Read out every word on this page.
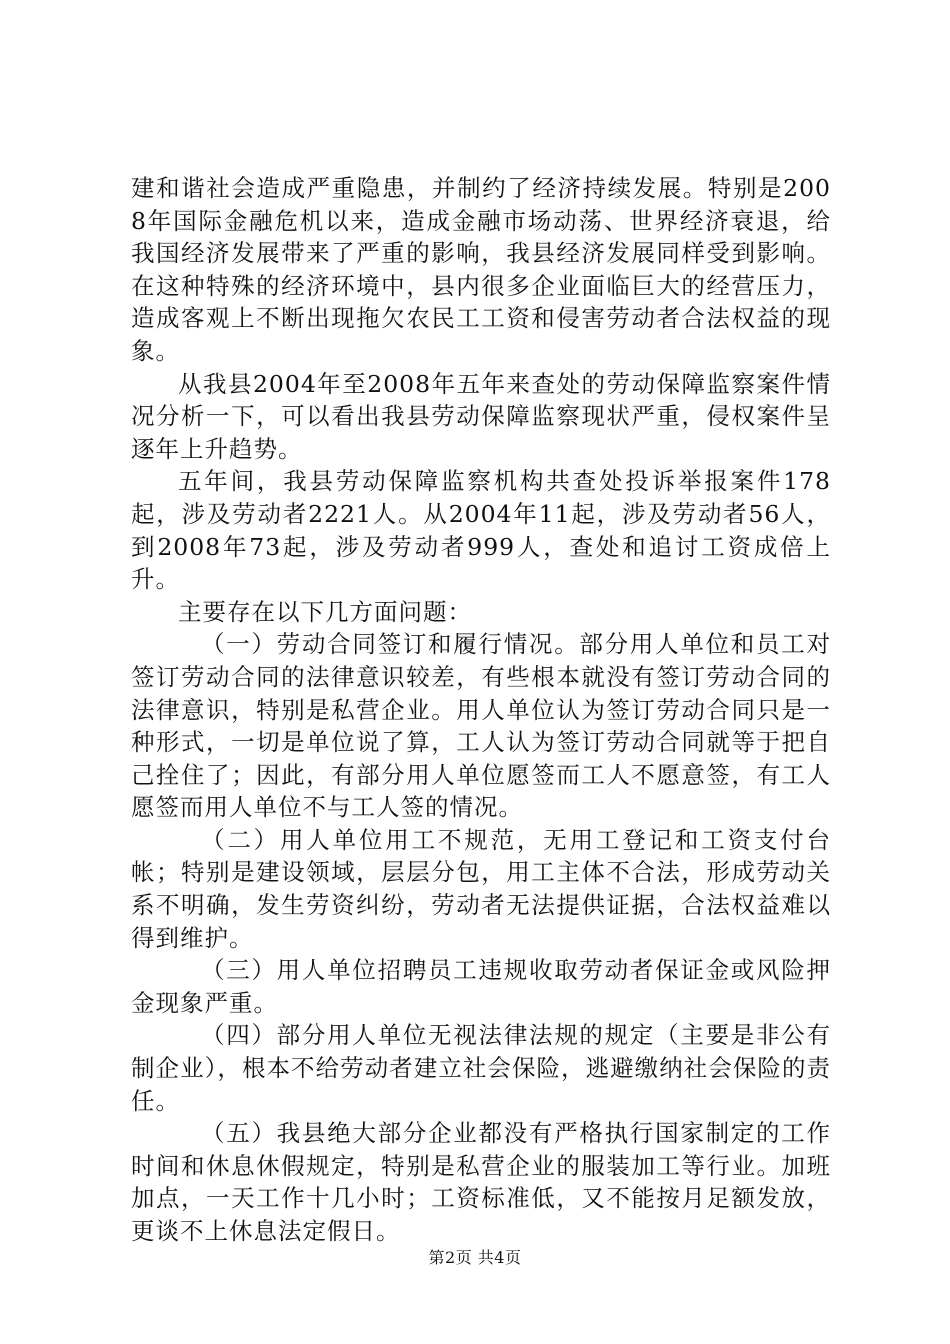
建和谐社会造成严重隐患，并制约了经济持续发展。特别是2008年国际金融危机以来，造成金融市场动荡、世界经济衰退，给我国经济发展带来了严重的影响，我县经济发展同样受到影响。在这种特殊的经济环境中，县内很多企业面临巨大的经营压力，造成客观上不断出现拖欠农民工工资和侵害劳动者合法权益的现象。

从我县2004年至2008年五年来查处的劳动保障监察案件情况分析一下，可以看出我县劳动保障监察现状严重，侵权案件呈逐年上升趋势。

五年间，我县劳动保障监察机构共查处投诉举报案件178起，涉及劳动者2221人。从2004年11起，涉及劳动者56人，到2008年73起，涉及劳动者999人，查处和追讨工资成倍上升。

主要存在以下几方面问题：

（一）劳动合同签订和履行情况。部分用人单位和员工对签订劳动合同的法律意识较差，有些根本就没有签订劳动合同的法律意识，特别是私营企业。用人单位认为签订劳动合同只是一种形式，一切是单位说了算，工人认为签订劳动合同就等于把自己拴住了；因此，有部分用人单位愿签而工人不愿意签，有工人愿签而用人单位不与工人签的情况。

（二）用人单位用工不规范，无用工登记和工资支付台帐；特别是建设领域，层层分包，用工主体不合法，形成劳动关系不明确，发生劳资纠纷，劳动者无法提供证据，合法权益难以得到维护。

（三）用人单位招聘员工违规收取劳动者保证金或风险押金现象严重。

（四）部分用人单位无视法律法规的规定（主要是非公有制企业），根本不给劳动者建立社会保险，逃避缴纳社会保险的责任。

（五）我县绝大部分企业都没有严格执行国家制定的工作时间和休息休假规定，特别是私营企业的服装加工等行业。加班加点，一天工作十几小时；工资标准低，又不能按月足额发放，更谈不上休息法定假日。

第2页 共4页
